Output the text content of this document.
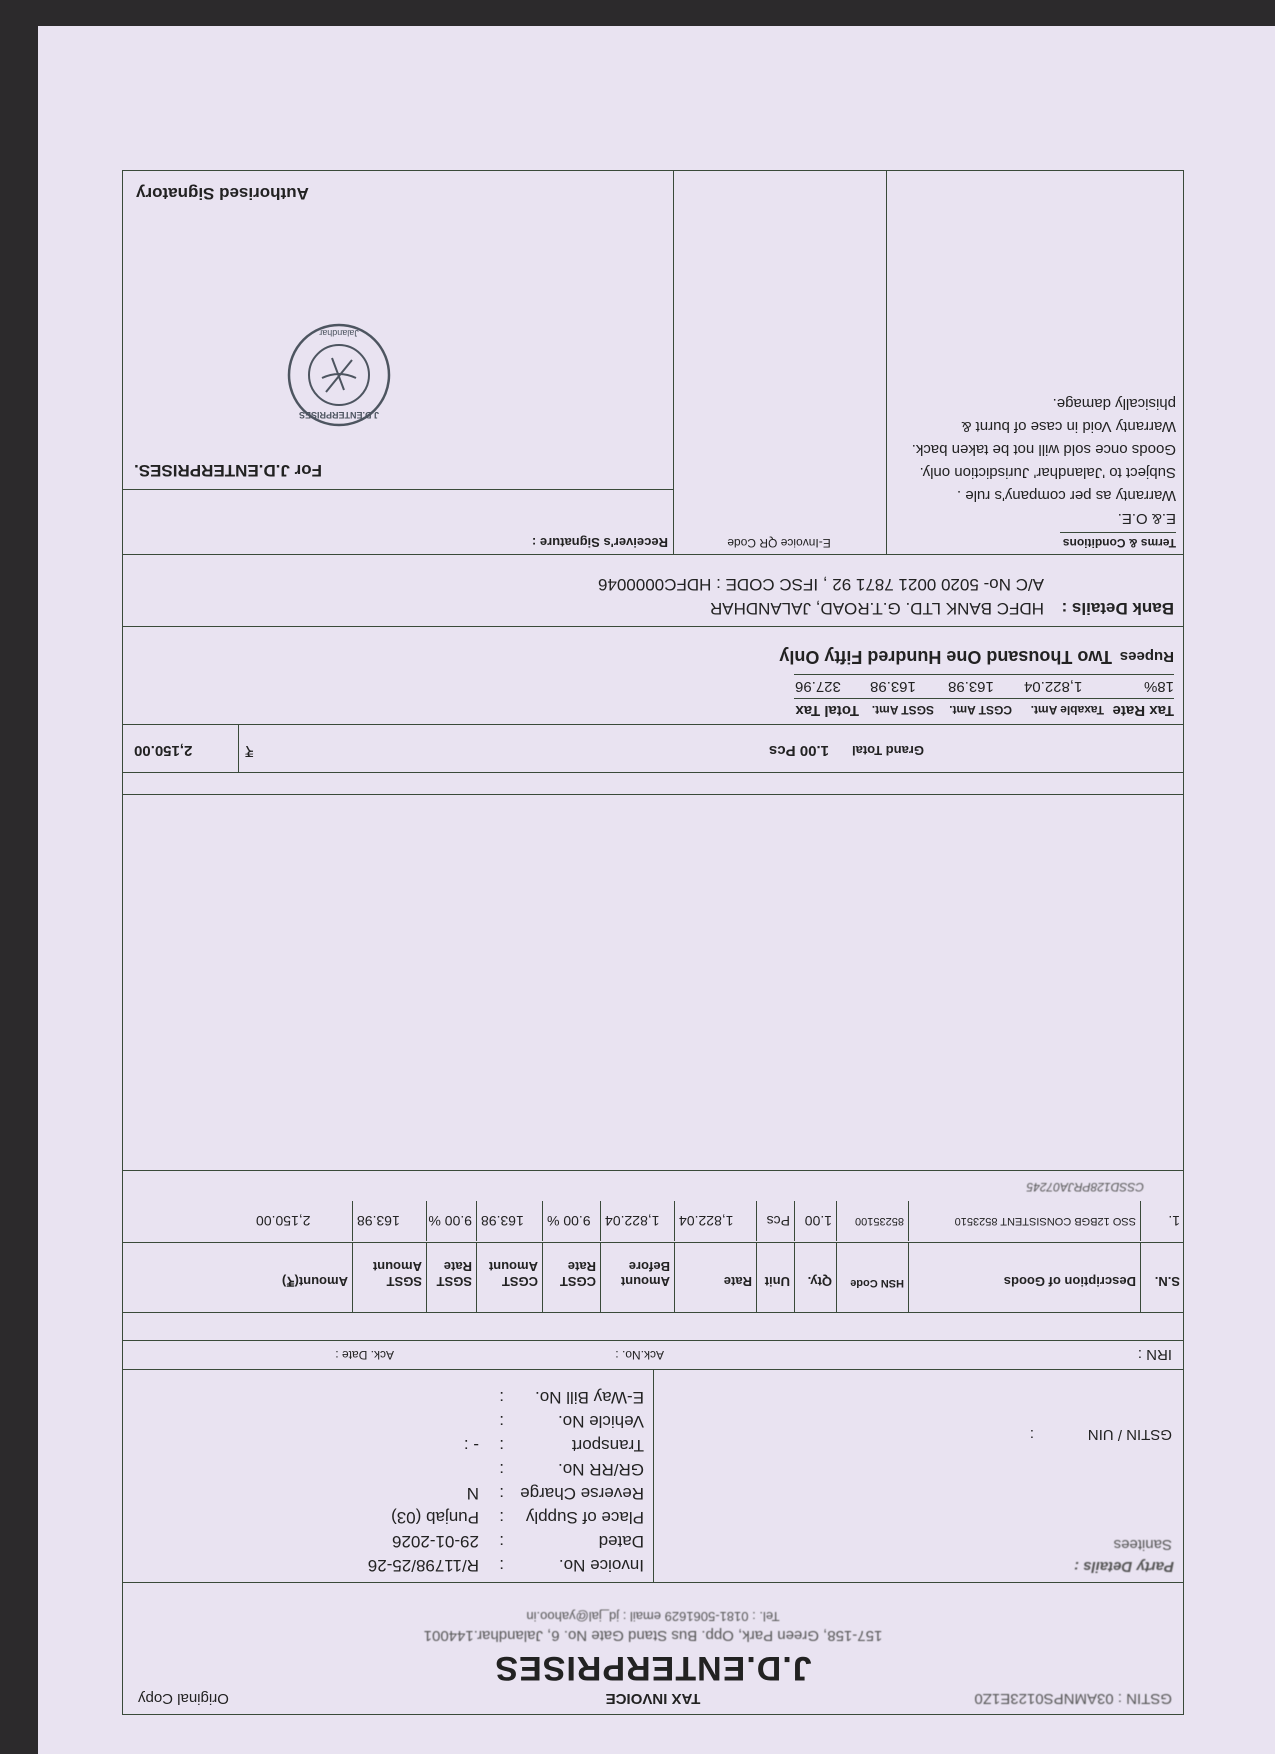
GSTIN : 03AMNPS0123E1Z0
TAX INVOICE
Original Copy
J.D.ENTERPRISES
157-158, Green Park, Opp. Bus Stand Gate No. 6, Jalandhar.144001
Tel. : 0181-5061629 email : jd_jal@yahoo.in
Party Details :
Sanitees
GSTIN / UIN
:
Invoice No.
:
R/11798/25-26
Dated
:
29-01-2026
Place of Supply
:
Punjab (03)
Reverse Charge
:
N
GR/RR No.
:
Transport
:
- :
Vehicle No.
:
E-Way Bill No.
:
IRN :
Ack.No. :
Ack. Date :
S.N.
Description of Goods
HSN Code
Qty.
Unit
Rate
Amount Before
CGST Rate
CGST Amount
SGST Rate
SGST Amount
Amount(₹)
1.
SSO 12BGB CONSISTENT 8523510
85235100
1.00
Pcs
1,822.04
1,822.04
9.00 %
163.98
9.00 %
163.98
2,150.00
CSSD128PRJA07245
Grand Total
1.00 Pcs
₹
2,150.00
Tax Rate
Taxable Amt.
CGST Amt.
SGST Amt.
Total Tax
18%
1,822.04
163.98
163.98
327.96
Rupees
Two Thousand One Hundred Fifty Only
Bank Details :
HDFC BANK LTD. G.T.ROAD, JALANDHAR
A/C No- 5020 0021 7871 92 , IFSC CODE : HDFC0000046
Terms & Conditions
E.& O.E.
Warranty as per company's rule .
Subject to 'Jalandhar' Jurisdiction only.
Goods once sold will not be taken back.
Warranty Void in case of burnt &
phisically damage.
E-Invoice QR Code
Receiver's Signature :
For J.D.ENTERPRISES.
J.D.ENTERPRISES
Jalandhar
Authorised Signatory
